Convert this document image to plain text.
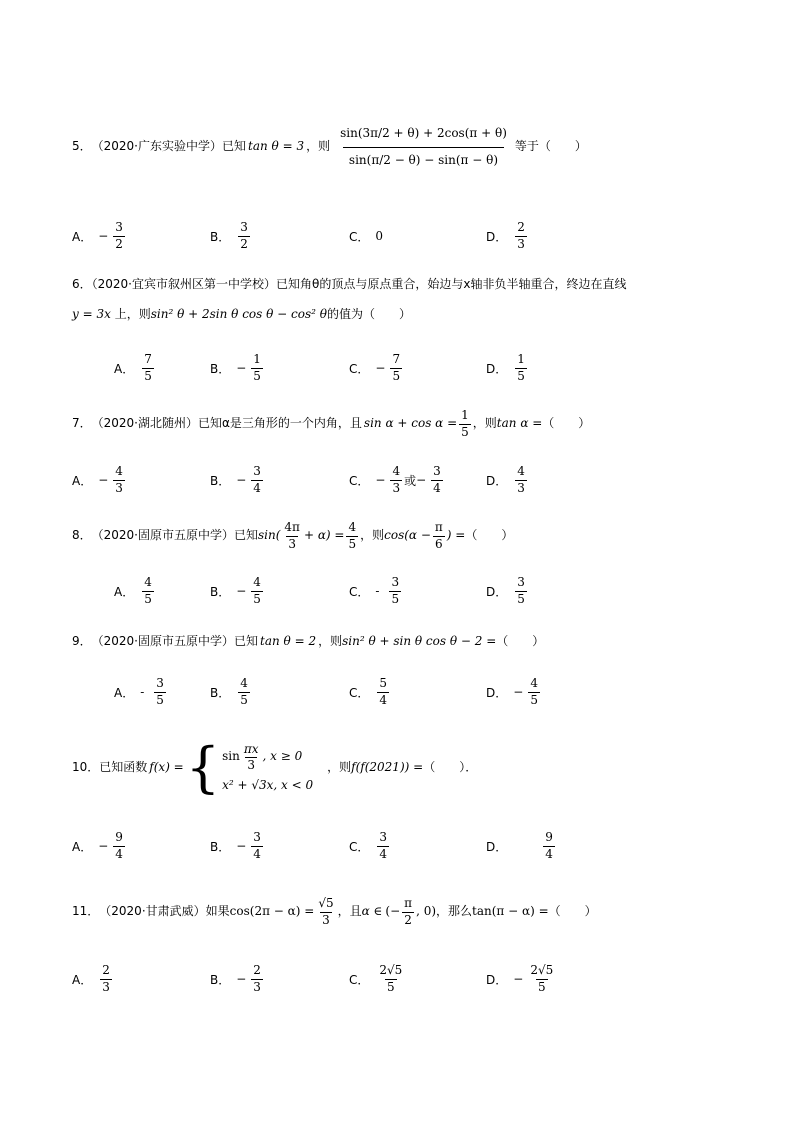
5． （2020·广东实验中学） 已知 tan θ = 3 ，则 $\frac{\sin(3\pi/2 + \theta) + 2\cos(\pi + \theta)}{\sin(\pi/2 - \theta) - \sin(\pi - \theta)}$ 等于（　　）
A． − $\frac{3}{2}$	B． $\frac{3}{2}$	C． 0	D． $\frac{2}{3}$
6．（2020·宜宾市叙州区第一中学校）已知角θ的顶点与原点重合，始边与x轴非负半轴重合，终边在直线
y = 3x 上，则sin² θ + 2sin θ cos θ − cos² θ的值为（　　）
A． $\frac{7}{5}$	B． − $\frac{1}{5}$	C． − $\frac{7}{5}$	D． $\frac{1}{5}$
7． （2020·湖北随州） 已知α是三角形的一个内角，且 $\sin \alpha + \cos \alpha = \frac{1}{5}$ ，则 tan α = （　　）
A． − $\frac{4}{3}$	B． − $\frac{3}{4}$	C． − $\frac{4}{3}$ 或 − $\frac{3}{4}$	D． $\frac{4}{3}$
8． （2020·固原市五原中学） 已知 $\sin( \frac{4\pi}{3} + \alpha) = \frac{4}{5}$ ，则 $\cos(\alpha - \frac{\pi}{6}$ ) = （　　）
A． $\frac{4}{5}$	B． − $\frac{4}{5}$	C． - $\frac{3}{5}$	D． $\frac{3}{5}$
9． （2020·固原市五原中学） 已知 tan θ = 2 ，则 sin² θ + sin θ cos θ − 2 = （　　）
A． - $\frac{3}{5}$	B． $\frac{4}{5}$	C． $\frac{5}{4}$	D． − $\frac{4}{5}$
10． 已知函数 f(x) = { $\sin \frac{\pi x}{3}$ , x ≥ 0
x² + √3x, x < 0
，则 f(f(2021)) = （　　）．
A． − $\frac{9}{4}$	B． − $\frac{3}{4}$	C． $\frac{3}{4}$	D．	$\frac{9}{4}$
11． （2020·甘肃武威） 如果 $\cos(2\pi - \alpha) = \frac{√5}{3}$ ，且 α ∈ (− $\frac{\pi}{2}$ , 0) ，那么 tan(π − α) = （　　）
A． $\frac{2}{3}$	B． − $\frac{2}{3}$	C． $\frac{2√5}{5}$	D． − $\frac{2√5}{5}$
